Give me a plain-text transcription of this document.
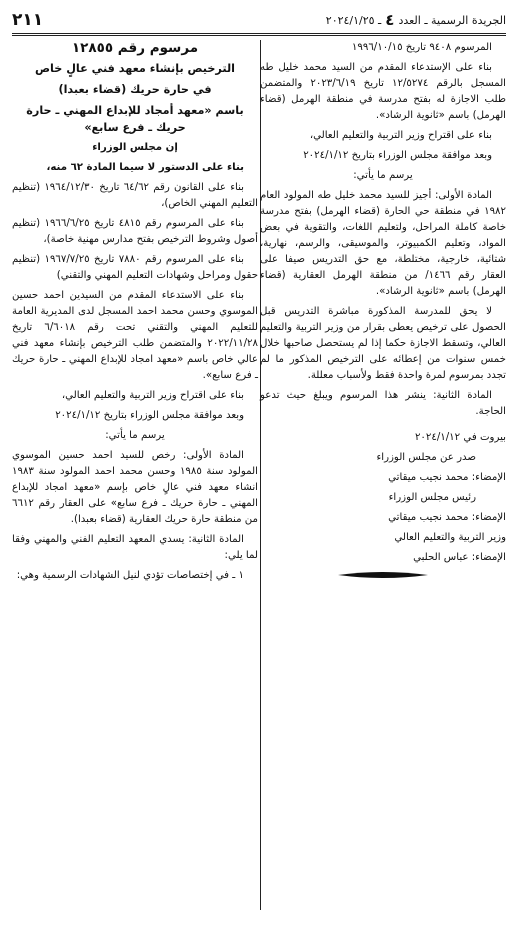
الجريدة الرسمية ـ العدد
٤
ـ ٢٠٢٤/١/٢٥
٢١١

المرسوم ٩٤٠٨ تاريخ ١٩٩٦/١٠/١٥

بناء على الإستدعاء المقدم من السيد محمد خليل طه المسجل بالرقم ١٢/٥٢٧٤ تاريخ ٢٠٢٣/٦/١٩ والمتضمن طلب الاجازة له بفتح مدرسة في منطقة الهرمل (قضاء الهرمل) باسم «ثانوية الرشاد».

بناء على اقتراح وزير التربية والتعليم العالي،

وبعد موافقة مجلس الوزراء بتاريخ ٢٠٢٤/١/١٢

يرسم ما يأتي:

المادة الأولى: أجيز للسيد محمد خليل طه المولود العام ١٩٨٢ في منطقة حي الحارة (قضاء الهرمل) بفتح مدرسة خاصة كاملة المراحل، ولتعليم اللغات، والتقوية في بعض المواد، وتعليم الكمبيوتر، والموسيقى، والرسم، نهارية، شتائية، خارجية، مختلطة، مع حق التدريس صيفا على العقار رقم ١٤٦٦/ من منطقة الهرمل العقارية (قضاء الهرمل) باسم «ثانوية الرشاد».

لا يحق للمدرسة المذكورة مباشرة التدريس قبل الحصول على ترخيص يعطى بقرار من وزير التربية والتعليم العالي، وتسقط الاجازة حكما إذا لم يستحصل صاحبها خلال خمس سنوات من إعطائه على الترخيص المذكور ما لم تجدد بمرسوم لمرة واحدة فقط ولأسباب معللة.

المادة الثانية: ينشر هذا المرسوم ويبلغ حيث تدعو الحاجة.

بيروت في ٢٠٢٤/١/١٢

صدر عن مجلس الوزراء

الإمضاء: محمد نجيب ميقاتي

رئيس مجلس الوزراء

الإمضاء: محمد نجيب ميقاتي

وزير التربية والتعليم العالي

الإمضاء: عباس الحلبي

مرسوم رقم ١٢٨٥٥

الترخيص بإنشاء معهد فني عالٍ خاص

في حارة حريك (قضاء بعبدا)

باسم «معهد أمجاد للإبداع المهني ـ حارة حريك ـ فرع سابع»

إن مجلس الوزراء

بناء على الدستور لا سيما المادة ٦٢ منه،

بناء على القانون رقم ٦٤/٦٢ تاريخ ١٩٦٤/١٢/٣٠ (تنظيم التعليم المهني الخاص)،

بناء على المرسوم رقم ٤٨١٥ تاريخ ١٩٦٦/٦/٢٥ (تنظيم أصول وشروط الترخيص بفتح مدارس مهنية خاصة)،

بناء على المرسوم رقم ٧٨٨٠ تاريخ ١٩٦٧/٧/٢٥ (تنظيم حقول ومراحل وشهادات التعليم المهني والتقني)

بناء على الاستدعاء المقدم من السيدين احمد حسين الموسوي وحسن محمد احمد المسجل لدى المديرية العامة للتعليم المهني والتقني تحت رقم ٦/٦٠١٨ تاريخ ٢٠٢٢/١١/٢٨ والمتضمن طلب الترخيص بإنشاء معهد فني عالي خاص باسم «معهد امجاد للإبداع المهني ـ حارة حريك ـ فرع سابع».

بناء على اقتراح وزير التربية والتعليم العالي،

وبعد موافقة مجلس الوزراء بتاريخ ٢٠٢٤/١/١٢

يرسم ما يأتي:

المادة الأولى: رخص للسيد احمد حسين الموسوي المولود سنة ١٩٨٥ وحسن محمد احمد المولود سنة ١٩٨٣ انشاء معهد فني عالٍ خاص بإسم «معهد امجاد للإبداع المهني ـ حارة حريك ـ فرع سابع» على العقار رقم ٦٦١٢ من منطقة حارة حريك العقارية (قضاء بعبدا).

المادة الثانية: يسدي المعهد التعليم الفني والمهني وفقا لما يلي:

١ ـ في إختصاصات تؤدي لنيل الشهادات الرسمية وهي:
